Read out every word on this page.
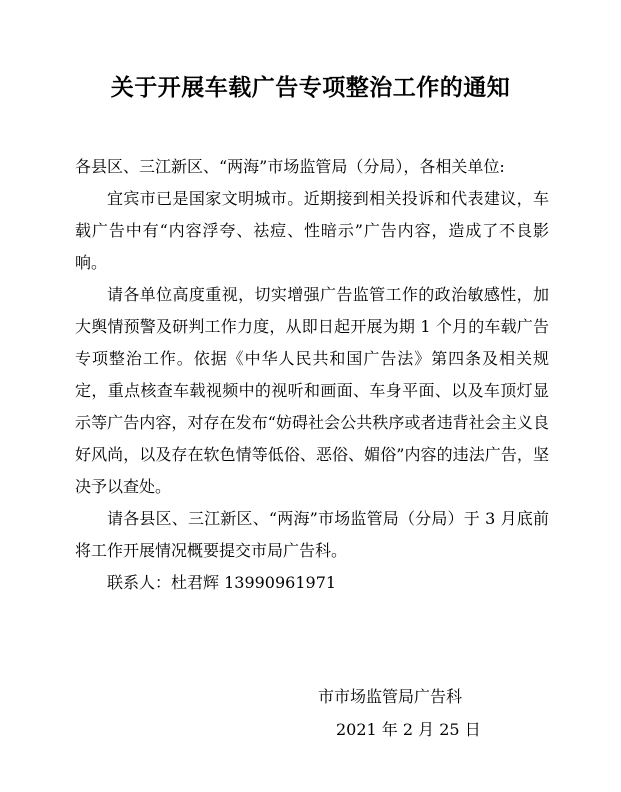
关于开展车载广告专项整治工作的通知

各县区、三江新区、“两海”市场监管局（分局），各相关单位:

宜宾市已是国家文明城市。近期接到相关投诉和代表建议，车载广告中有“内容浮夸、祛痘、性暗示”广告内容，造成了不良影响。

请各单位高度重视，切实增强广告监管工作的政治敏感性，加大舆情预警及研判工作力度，从即日起开展为期 1 个月的车载广告专项整治工作。依据《中华人民共和国广告法》第四条及相关规定，重点核查车载视频中的视听和画面、车身平面、以及车顶灯显示等广告内容，对存在发布“妨碍社会公共秩序或者违背社会主义良好风尚，以及存在软色情等低俗、恶俗、媚俗”内容的违法广告，坚决予以查处。

请各县区、三江新区、“两海”市场监管局（分局）于 3 月底前将工作开展情况概要提交市局广告科。

联系人：杜君辉 13990961971

市市场监管局广告科
2021 年 2 月 25 日
